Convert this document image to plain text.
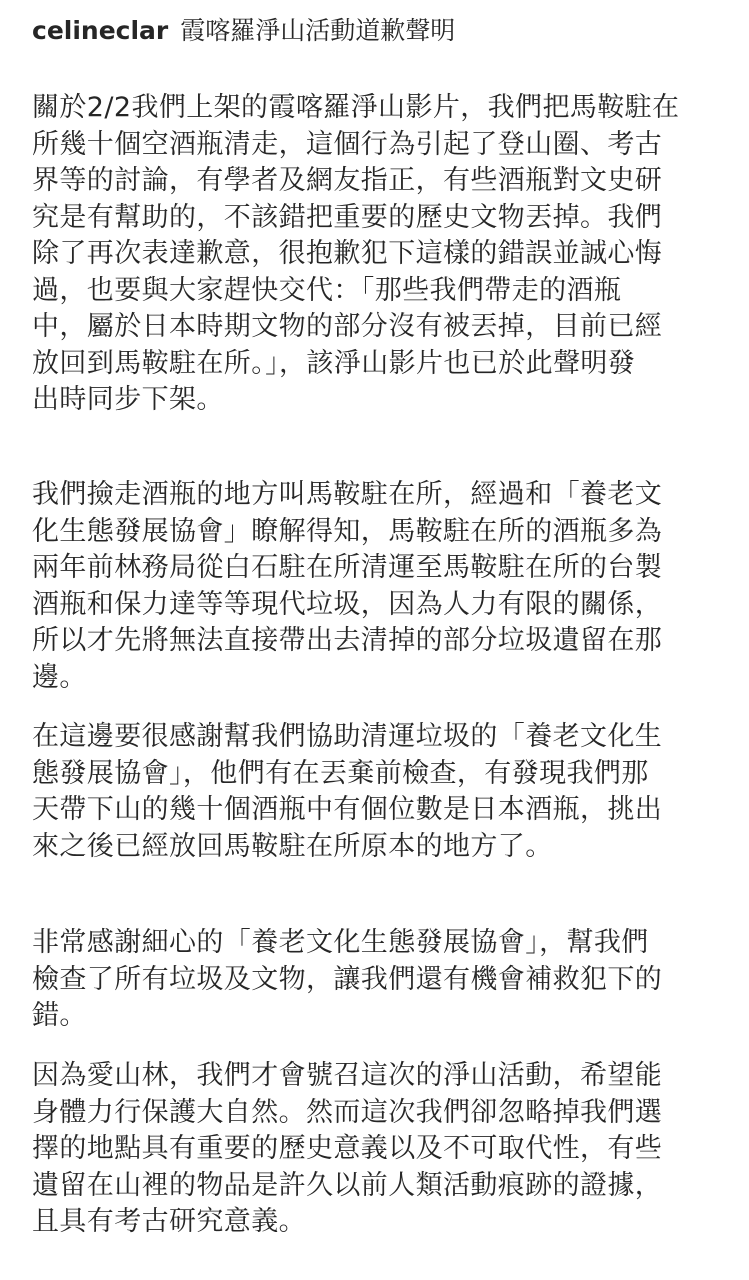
celineclar 霞喀羅淨山活動道歉聲明
關於2/2我們上架的霞喀羅淨山影片，我們把馬鞍駐在
所幾十個空酒瓶清走，這個行為引起了登山圈、考古
界等的討論，有學者及網友指正，有些酒瓶對文史研
究是有幫助的，不該錯把重要的歷史文物丟掉。我們
除了再次表達歉意，很抱歉犯下這樣的錯誤並誠心悔
過，也要與大家趕快交代：「那些我們帶走的酒瓶
中，屬於日本時期文物的部分沒有被丟掉，目前已經
放回到馬鞍駐在所。」，該淨山影片也已於此聲明發
出時同步下架。
我們撿走酒瓶的地方叫馬鞍駐在所，經過和「養老文
化生態發展協會」瞭解得知，馬鞍駐在所的酒瓶多為
兩年前林務局從白石駐在所清運至馬鞍駐在所的台製
酒瓶和保力達等等現代垃圾，因為人力有限的關係，
所以才先將無法直接帶出去清掉的部分垃圾遺留在那
邊。
在這邊要很感謝幫我們協助清運垃圾的「養老文化生
態發展協會」，他們有在丟棄前檢查，有發現我們那
天帶下山的幾十個酒瓶中有個位數是日本酒瓶，挑出
來之後已經放回馬鞍駐在所原本的地方了。
非常感謝細心的「養老文化生態發展協會」，幫我們
檢查了所有垃圾及文物，讓我們還有機會補救犯下的
錯。
因為愛山林，我們才會號召這次的淨山活動，希望能
身體力行保護大自然。然而這次我們卻忽略掉我們選
擇的地點具有重要的歷史意義以及不可取代性，有些
遺留在山裡的物品是許久以前人類活動痕跡的證據，
且具有考古研究意義。
